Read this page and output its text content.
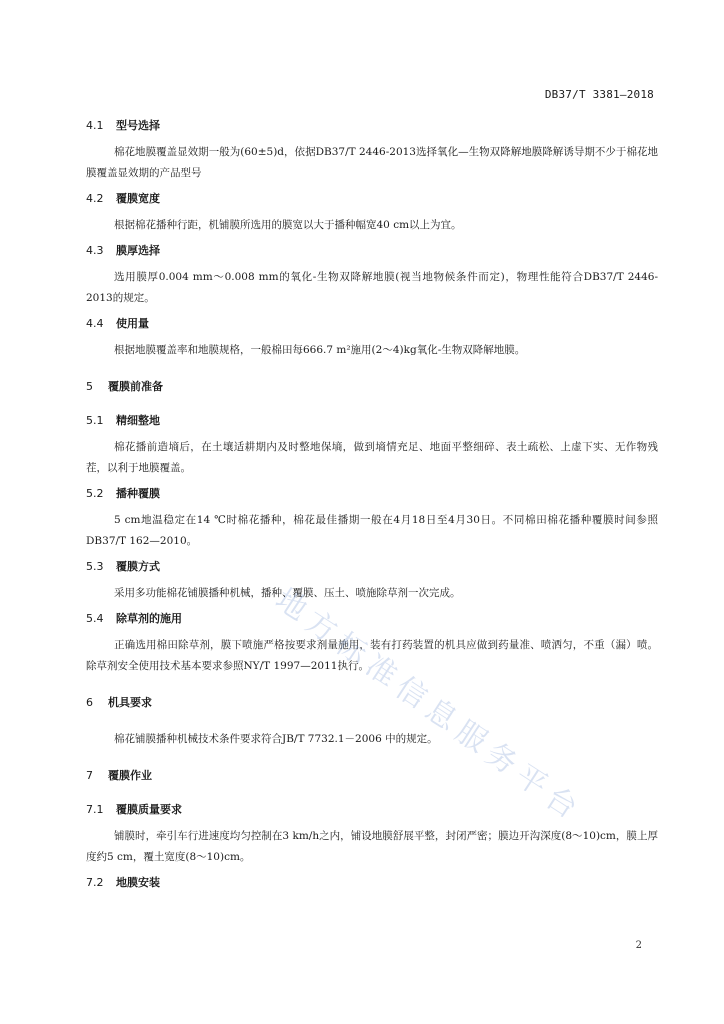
DB37/T 3381—2018
4.1 型号选择

棉花地膜覆盖显效期一般为(60±5)d，依据DB37/T 2446-2013选择氧化—生物双降解地膜降解诱导期不少于棉花地膜覆盖显效期的产品型号

4.2 覆膜宽度

根据棉花播种行距，机铺膜所选用的膜宽以大于播种幅宽40 cm以上为宜。

4.3 膜厚选择

选用膜厚0.004 mm～0.008 mm的氧化-生物双降解地膜(视当地物候条件而定)，物理性能符合DB37/T 2446-2013的规定。

4.4 使用量

根据地膜覆盖率和地膜规格，一般棉田每666.7 m²施用(2～4)kg氧化-生物双降解地膜。

5 覆膜前准备
5.1 精细整地

棉花播前造墒后，在土壤适耕期内及时整地保墒，做到墒情充足、地面平整细碎、表土疏松、上虚下实、无作物残茬，以利于地膜覆盖。

5.2 播种覆膜

5 cm地温稳定在14 ℃时棉花播种，棉花最佳播期一般在4月18日至4月30日。不同棉田棉花播种覆膜时间参照DB37/T 162—2010。

5.3 覆膜方式

采用多功能棉花铺膜播种机械，播种、覆膜、压土、喷施除草剂一次完成。

5.4 除草剂的施用

正确选用棉田除草剂，膜下喷施严格按要求剂量施用，装有打药装置的机具应做到药量准、喷洒匀，不重（漏）喷。除草剂安全使用技术基本要求参照NY/T 1997—2011执行。

6 机具要求

棉花铺膜播种机械技术条件要求符合JB/T 7732.1－2006 中的规定。

7 覆膜作业
7.1 覆膜质量要求

铺膜时，牵引车行进速度均匀控制在3 km/h之内，铺设地膜舒展平整，封闭严密；膜边开沟深度(8～10)cm，膜上厚度约5 cm，覆土宽度(8～10)cm。

7.2 地膜安装
地
方
标
准
信
息
服
务
平
台
2
